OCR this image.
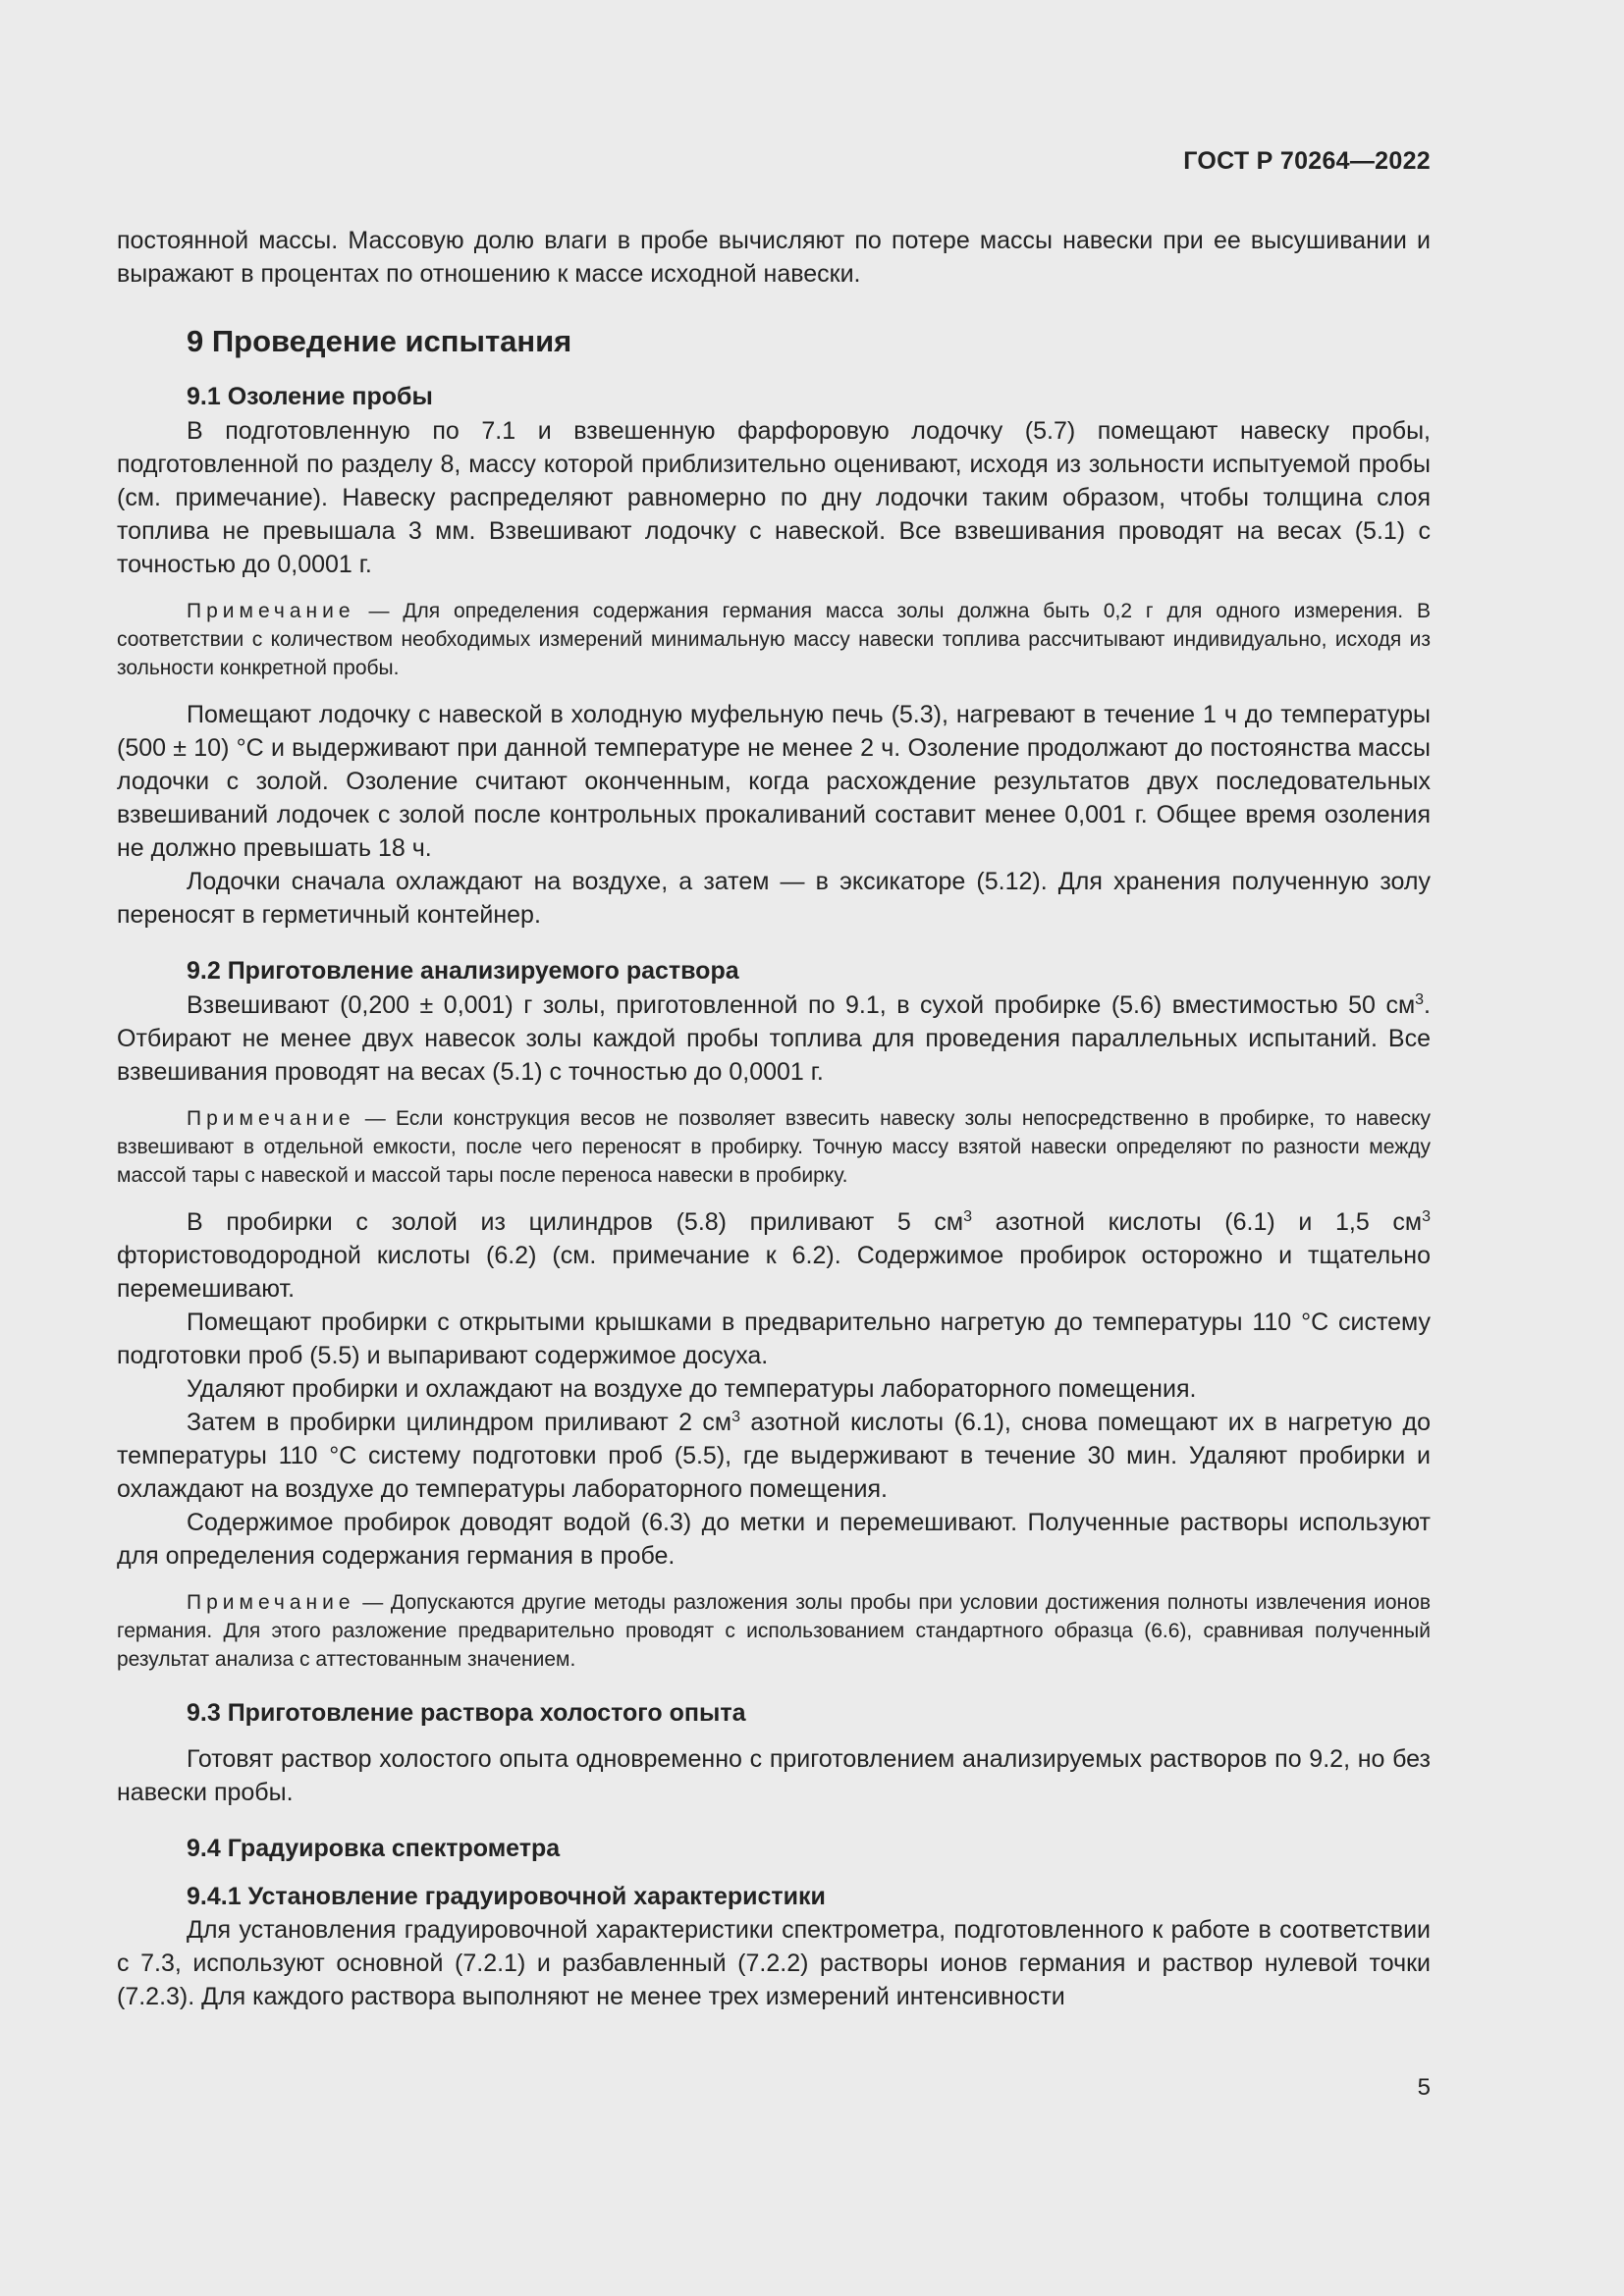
ГОСТ Р 70264—2022

постоянной массы. Массовую долю влаги в пробе вычисляют по потере массы навески при ее высушивании и выражают в процентах по отношению к массе исходной навески.

9 Проведение испытания
9.1 Озоление пробы

В подготовленную по 7.1 и взвешенную фарфоровую лодочку (5.7) помещают навеску пробы, подготовленной по разделу 8, массу которой приблизительно оценивают, исходя из зольности испытуемой пробы (см. примечание). Навеску распределяют равномерно по дну лодочки таким образом, чтобы толщина слоя топлива не превышала 3 мм. Взвешивают лодочку с навеской. Все взвешивания проводят на весах (5.1) с точностью до 0,0001 г.

Примечание — Для определения содержания германия масса золы должна быть 0,2 г для одного измерения. В соответствии с количеством необходимых измерений минимальную массу навески топлива рассчитывают индивидуально, исходя из зольности конкретной пробы.

Помещают лодочку с навеской в холодную муфельную печь (5.3), нагревают в течение 1 ч до температуры (500 ± 10) °С и выдерживают при данной температуре не менее 2 ч. Озоление продолжают до постоянства массы лодочки с золой. Озоление считают оконченным, когда расхождение результатов двух последовательных взвешиваний лодочек с золой после контрольных прокаливаний составит менее 0,001 г. Общее время озоления не должно превышать 18 ч.

Лодочки сначала охлаждают на воздухе, а затем — в эксикаторе (5.12). Для хранения полученную золу переносят в герметичный контейнер.

9.2 Приготовление анализируемого раствора

Взвешивают (0,200 ± 0,001) г золы, приготовленной по 9.1, в сухой пробирке (5.6) вместимостью 50 $см^3$. Отбирают не менее двух навесок золы каждой пробы топлива для проведения параллельных испытаний. Все взвешивания проводят на весах (5.1) с точностью до 0,0001 г.

Примечание — Если конструкция весов не позволяет взвесить навеску золы непосредственно в пробирке, то навеску взвешивают в отдельной емкости, после чего переносят в пробирку. Точную массу взятой навески определяют по разности между массой тары с навеской и массой тары после переноса навески в пробирку.

В пробирки с золой из цилиндров (5.8) приливают 5 $см^3$ азотной кислоты (6.1) и 1,5 $см^3$ фтористоводородной кислоты (6.2) (см. примечание к 6.2). Содержимое пробирок осторожно и тщательно перемешивают.

Помещают пробирки с открытыми крышками в предварительно нагретую до температуры 110 °С систему подготовки проб (5.5) и выпаривают содержимое досуха.

Удаляют пробирки и охлаждают на воздухе до температуры лабораторного помещения.

Затем в пробирки цилиндром приливают 2 $см^3$ азотной кислоты (6.1), снова помещают их в нагретую до температуры 110 °С систему подготовки проб (5.5), где выдерживают в течение 30 мин. Удаляют пробирки и охлаждают на воздухе до температуры лабораторного помещения.

Содержимое пробирок доводят водой (6.3) до метки и перемешивают. Полученные растворы используют для определения содержания германия в пробе.

Примечание — Допускаются другие методы разложения золы пробы при условии достижения полноты извлечения ионов германия. Для этого разложение предварительно проводят с использованием стандартного образца (6.6), сравнивая полученный результат анализа с аттестованным значением.

9.3 Приготовление раствора холостого опыта

Готовят раствор холостого опыта одновременно с приготовлением анализируемых растворов по 9.2, но без навески пробы.

9.4 Градуировка спектрометра
9.4.1 Установление градуировочной характеристики

Для установления градуировочной характеристики спектрометра, подготовленного к работе в соответствии с 7.3, используют основной (7.2.1) и разбавленный (7.2.2) растворы ионов германия и раствор нулевой точки (7.2.3). Для каждого раствора выполняют не менее трех измерений интенсивности

5
